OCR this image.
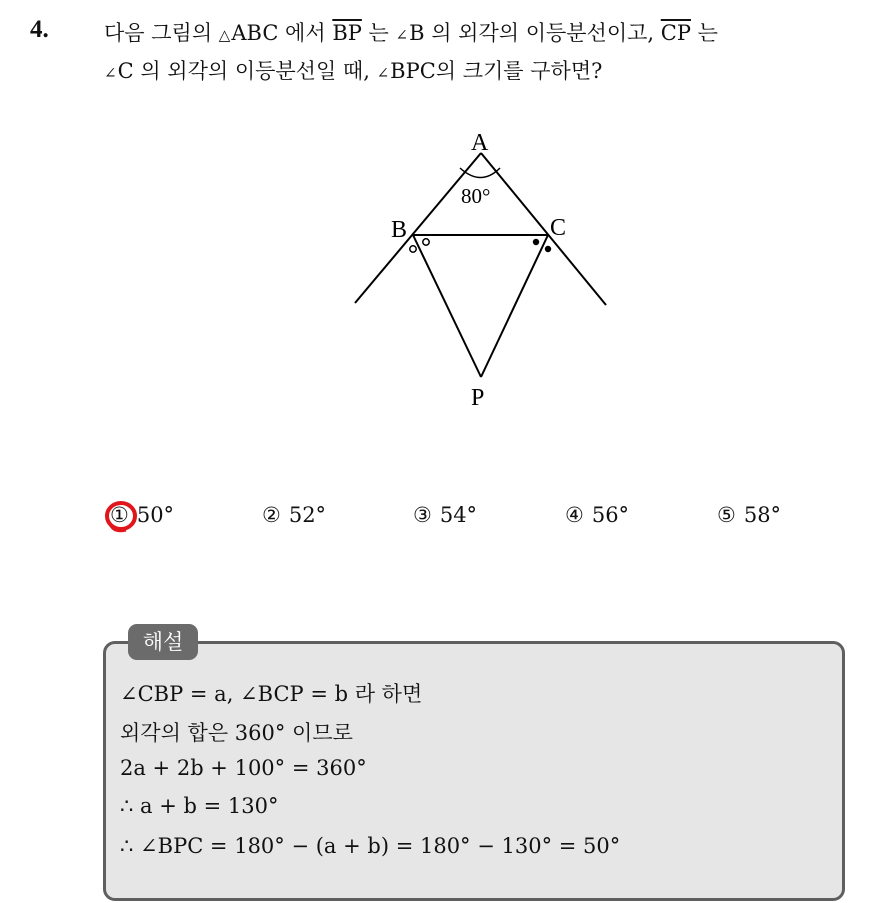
4.	다음 그림의 △ABC 에서 $\overline{BP}$ 는 ∠B 의 외각의 이등분선이고, $\overline{CP}$ 는
∠C 의 외각의 이등분선일 때, ∠BPC의 크기를 구하면?
A
B	C
P
80°
① 50°	② 52°	③ 54°	④ 56°	⑤ 58°
해설
∠CBP = a, ∠BCP = b 라 하면
외각의 합은 360° 이므로
2a + 2b + 100° = 360°
∴ a + b = 130°
∴ ∠BPC = 180° − (a + b) = 180° − 130° = 50°
